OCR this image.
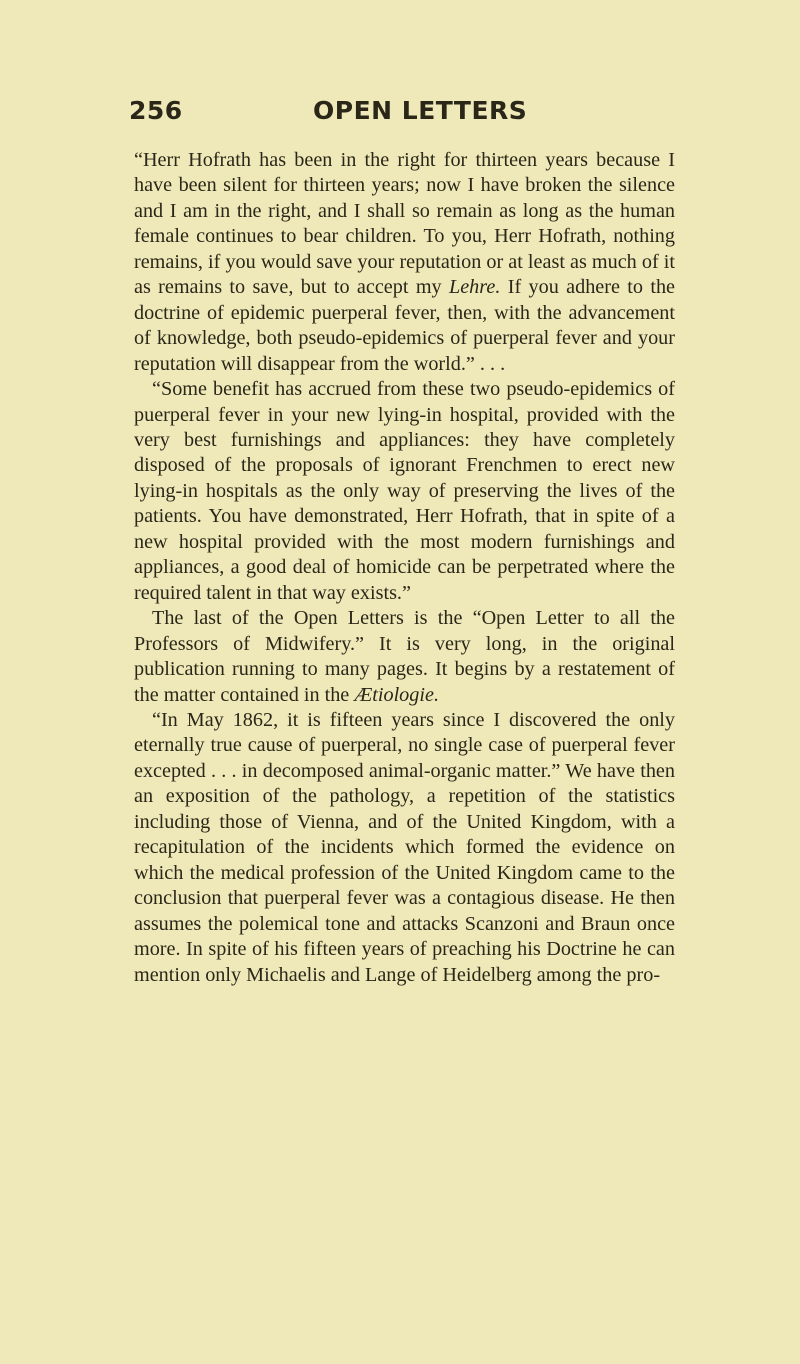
256	OPEN LETTERS

“Herr Hofrath has been in the right for thirteen years because I have been silent for thirteen years; now I have broken the silence and I am in the right, and I shall so remain as long as the human female continues to bear children. To you, Herr Hofrath, nothing remains, if you would save your reputation or at least as much of it as remains to save, but to accept my Lehre. If you adhere to the doctrine of epidemic puerperal fever, then, with the advancement of knowledge, both pseudo-epidemics of puerperal fever and your reputation will disappear from the world.” . . .

“Some benefit has accrued from these two pseudo-epidemics of puerperal fever in your new lying-in hospital, provided with the very best furnishings and appliances: they have completely disposed of the proposals of ignorant Frenchmen to erect new lying-in hospitals as the only way of preserving the lives of the patients. You have demonstrated, Herr Hofrath, that in spite of a new hospital provided with the most modern furnishings and appliances, a good deal of homicide can be perpetrated where the required talent in that way exists.”

The last of the Open Letters is the “Open Letter to all the Professors of Midwifery.” It is very long, in the original publication running to many pages. It begins by a restatement of the matter contained in the Ætiologie.

“In May 1862, it is fifteen years since I discovered the only eternally true cause of puerperal, no single case of puerperal fever excepted . . . in decomposed animal-organic matter.” We have then an exposition of the pathology, a repetition of the statistics including those of Vienna, and of the United Kingdom, with a recapitulation of the incidents which formed the evidence on which the medical profession of the United Kingdom came to the conclusion that puerperal fever was a contagious disease. He then assumes the polemical tone and attacks Scanzoni and Braun once more. In spite of his fifteen years of preaching his Doctrine he can mention only Michaelis and Lange of Heidelberg among the pro-
